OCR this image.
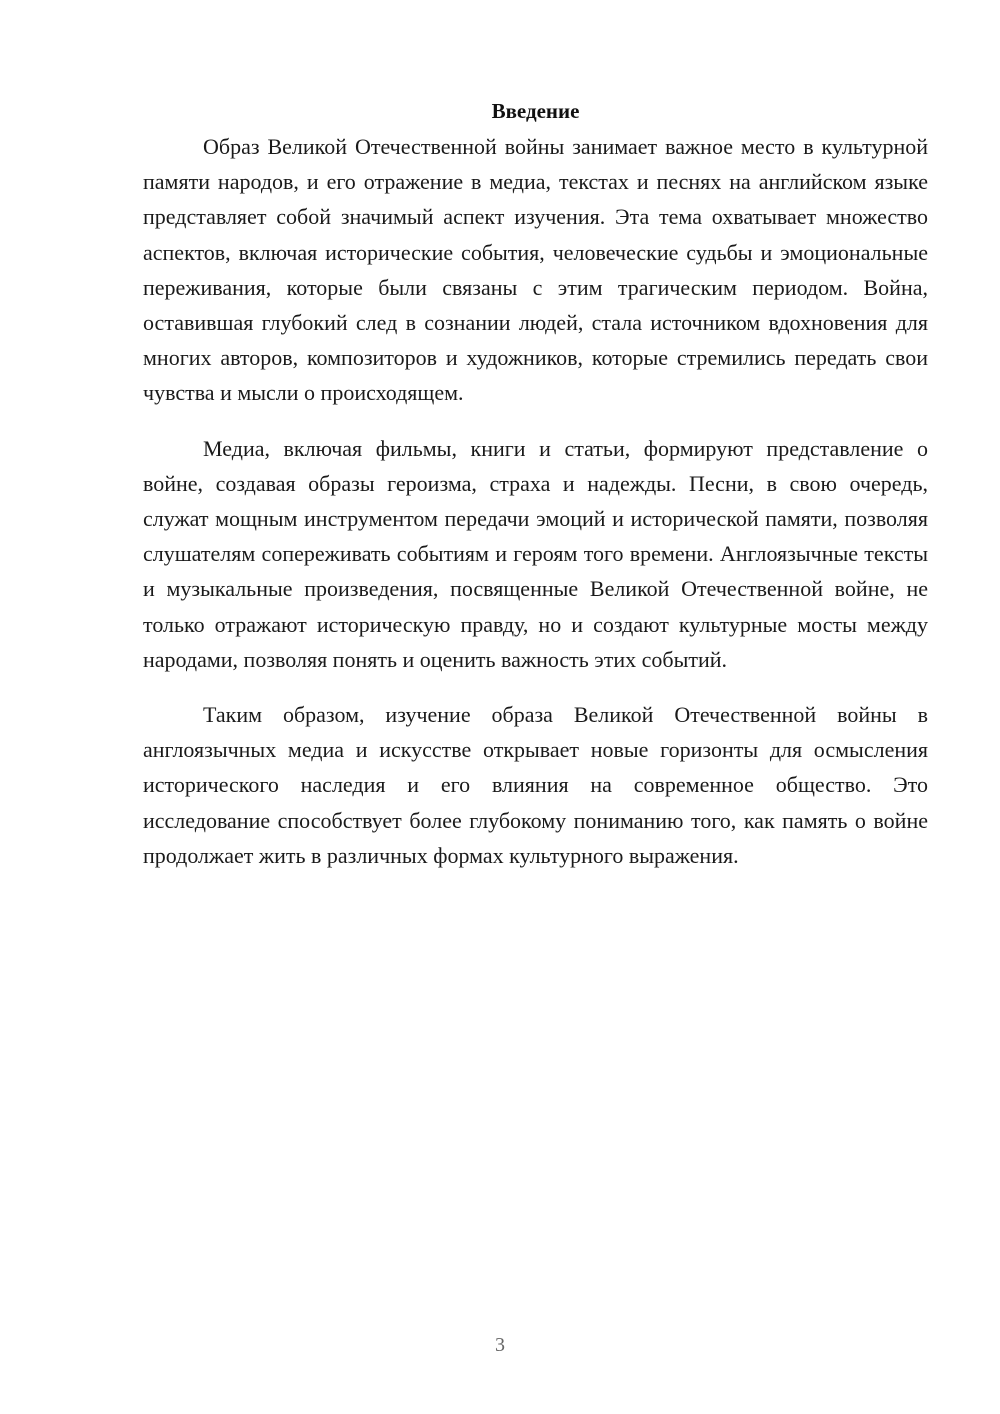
Введение

Образ Великой Отечественной войны занимает важное место в культурной памяти народов, и его отражение в медиа, текстах и песнях на английском языке представляет собой значимый аспект изучения. Эта тема охватывает множество аспектов, включая исторические события, человеческие судьбы и эмоциональные переживания, которые были связаны с этим трагическим периодом. Война, оставившая глубокий след в сознании людей, стала источником вдохновения для многих авторов, композиторов и художников, которые стремились передать свои чувства и мысли о происходящем.

Медиа, включая фильмы, книги и статьи, формируют представление о войне, создавая образы героизма, страха и надежды. Песни, в свою очередь, служат мощным инструментом передачи эмоций и исторической памяти, позволяя слушателям сопереживать событиям и героям того времени. Англоязычные тексты и музыкальные произведения, посвященные Великой Отечественной войне, не только отражают историческую правду, но и создают культурные мосты между народами, позволяя понять и оценить важность этих событий.

Таким образом, изучение образа Великой Отечественной войны в англоязычных медиа и искусстве открывает новые горизонты для осмысления исторического наследия и его влияния на современное общество. Это исследование способствует более глубокому пониманию того, как память о войне продолжает жить в различных формах культурного выражения.

3
